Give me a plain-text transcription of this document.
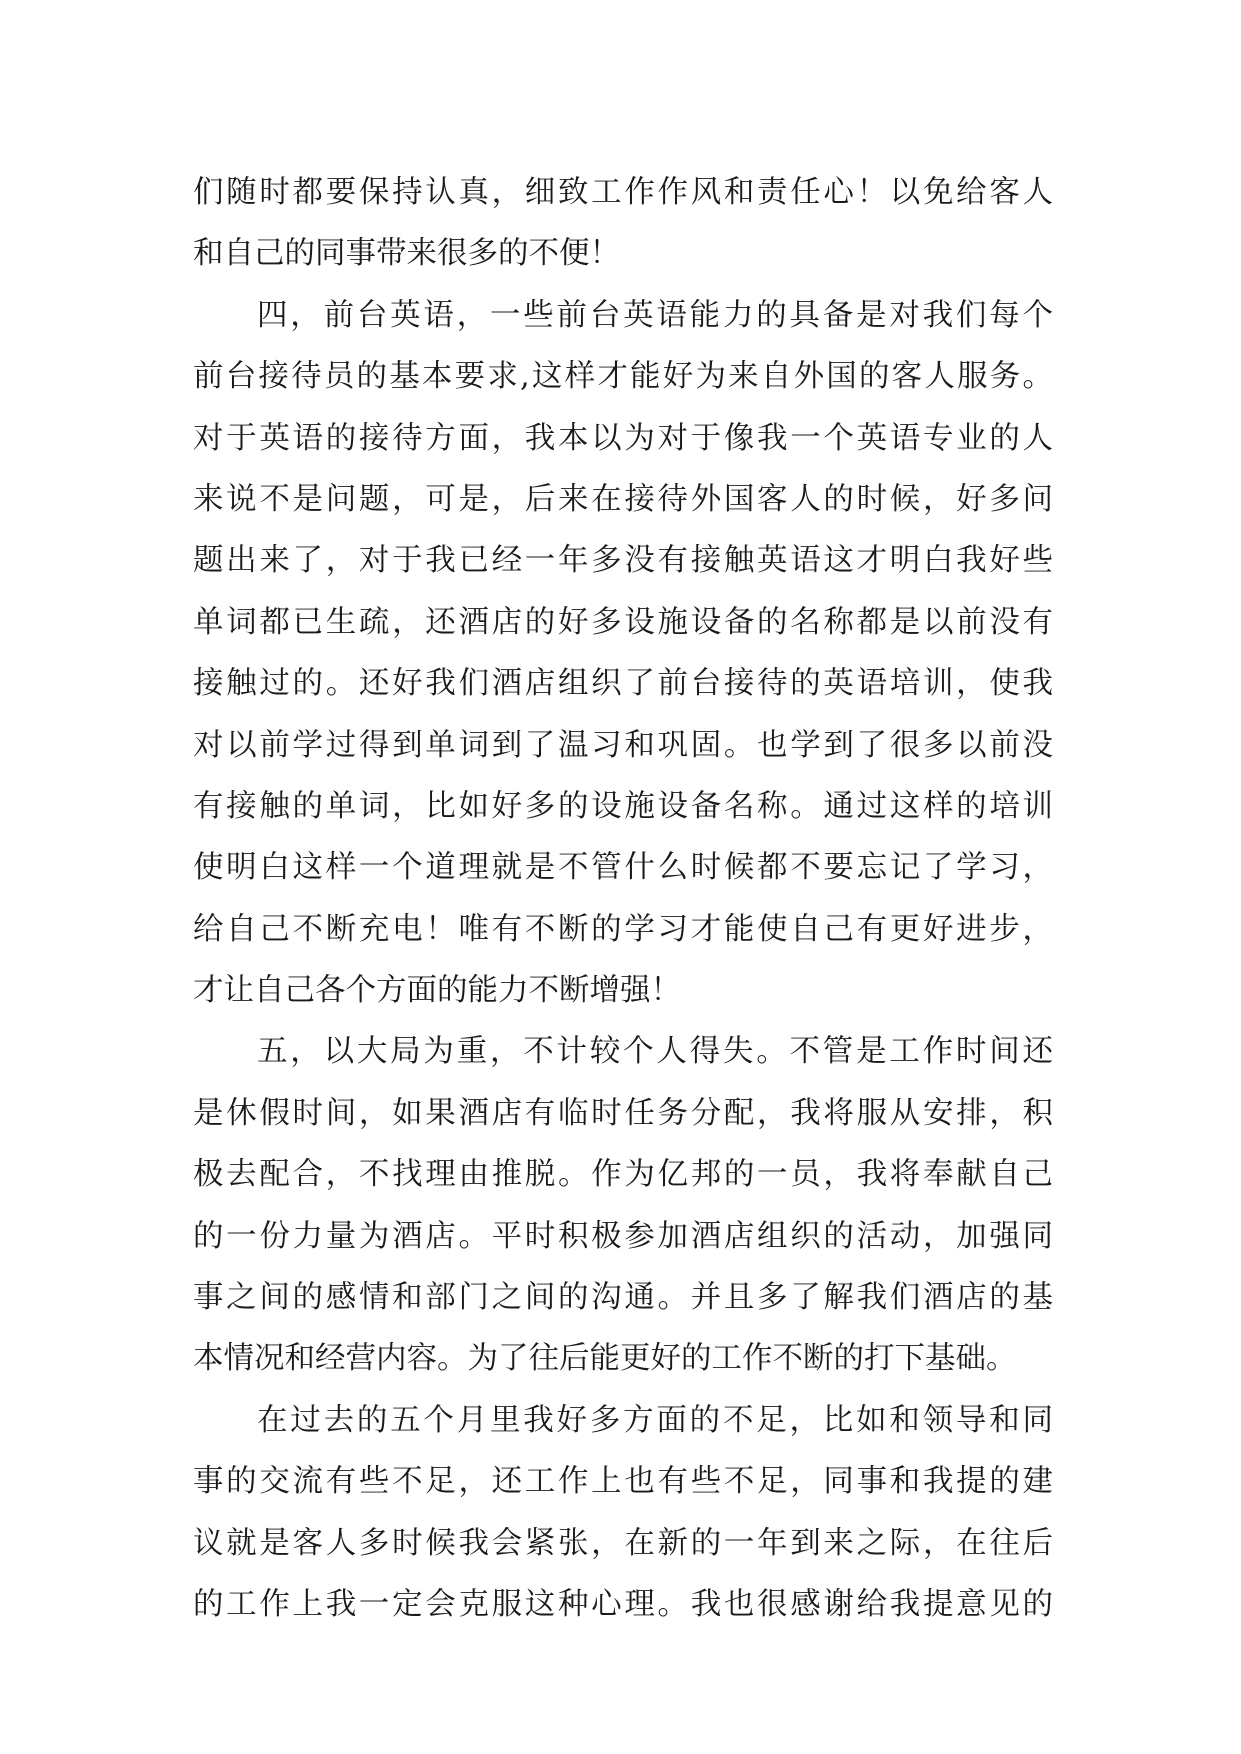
们随时都要保持认真，细致工作作风和责任心！以免给客人
和自己的同事带来很多的不便！
四，前台英语，一些前台英语能力的具备是对我们每个
前台接待员的基本要求,这样才能好为来自外国的客人服务。
对于英语的接待方面，我本以为对于像我一个英语专业的人
来说不是问题，可是，后来在接待外国客人的时候，好多问
题出来了，对于我已经一年多没有接触英语这才明白我好些
单词都已生疏，还酒店的好多设施设备的名称都是以前没有
接触过的。还好我们酒店组织了前台接待的英语培训，使我
对以前学过得到单词到了温习和巩固。也学到了很多以前没
有接触的单词，比如好多的设施设备名称。通过这样的培训
使明白这样一个道理就是不管什么时候都不要忘记了学习，
给自己不断充电！唯有不断的学习才能使自己有更好进步，
才让自己各个方面的能力不断增强！
五，以大局为重，不计较个人得失。不管是工作时间还
是休假时间，如果酒店有临时任务分配，我将服从安排，积
极去配合，不找理由推脱。作为亿邦的一员，我将奉献自己
的一份力量为酒店。平时积极参加酒店组织的活动，加强同
事之间的感情和部门之间的沟通。并且多了解我们酒店的基
本情况和经营内容。为了往后能更好的工作不断的打下基础。
在过去的五个月里我好多方面的不足，比如和领导和同
事的交流有些不足，还工作上也有些不足，同事和我提的建
议就是客人多时候我会紧张，在新的一年到来之际，在往后
的工作上我一定会克服这种心理。我也很感谢给我提意见的
